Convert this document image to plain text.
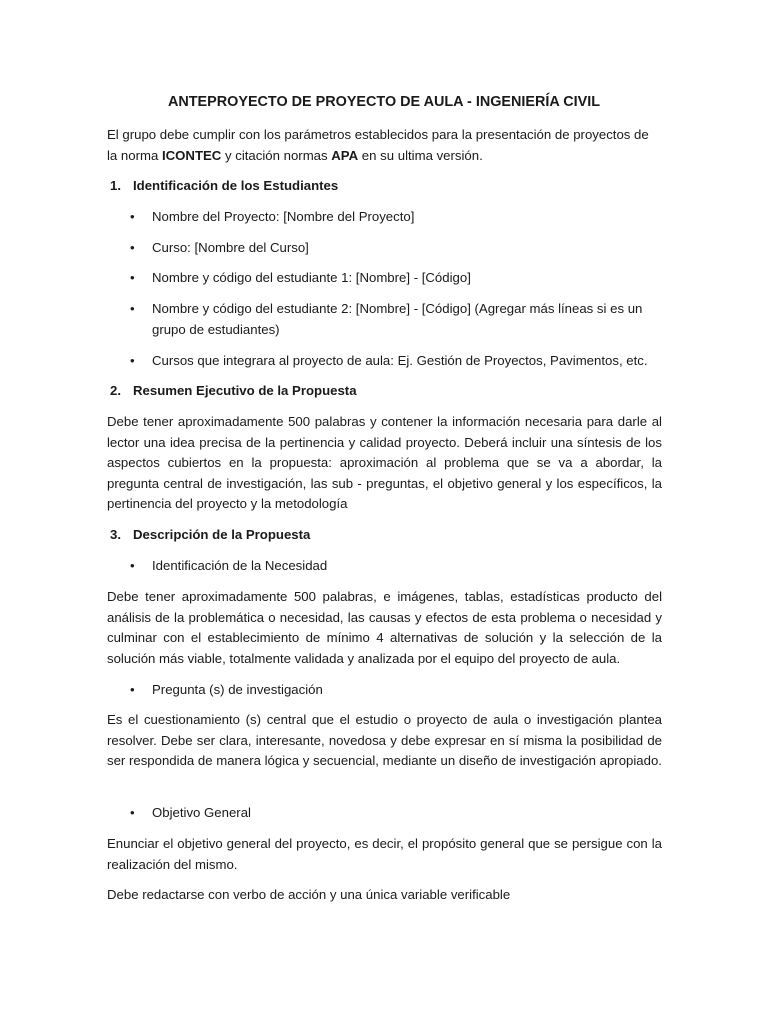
ANTEPROYECTO DE PROYECTO DE AULA - INGENIERÍA CIVIL

El grupo debe cumplir con los parámetros establecidos para la presentación de proyectos de la norma ICONTEC y citación normas APA en su ultima versión.

1. Identificación de los Estudiantes
• Nombre del Proyecto: [Nombre del Proyecto]
• Curso: [Nombre del Curso]
• Nombre y código del estudiante 1: [Nombre] - [Código]
• Nombre y código del estudiante 2: [Nombre] - [Código] (Agregar más líneas si es un grupo de estudiantes)
• Cursos que integrara al proyecto de aula: Ej. Gestión de Proyectos, Pavimentos, etc.
2. Resumen Ejecutivo de la Propuesta

Debe tener aproximadamente 500 palabras y contener la información necesaria para darle al lector una idea precisa de la pertinencia y calidad proyecto. Deberá incluir una síntesis de los aspectos cubiertos en la propuesta: aproximación al problema que se va a abordar, la pregunta central de investigación, las sub - preguntas, el objetivo general y los específicos, la pertinencia del proyecto y la metodología

3. Descripción de la Propuesta
• Identificación de la Necesidad

Debe tener aproximadamente 500 palabras, e imágenes, tablas, estadísticas producto del análisis de la problemática o necesidad, las causas y efectos de esta problema o necesidad y culminar con el establecimiento de mínimo 4 alternativas de solución y la selección de la solución más viable, totalmente validada y analizada por el equipo del proyecto de aula.

• Pregunta (s) de investigación

Es el cuestionamiento (s) central que el estudio o proyecto de aula o investigación plantea resolver. Debe ser clara, interesante, novedosa y debe expresar en sí misma la posibilidad de ser respondida de manera lógica y secuencial, mediante un diseño de investigación apropiado.

• Objetivo General

Enunciar el objetivo general del proyecto, es decir, el propósito general que se persigue con la realización del mismo.

Debe redactarse con verbo de acción y una única variable verificable
